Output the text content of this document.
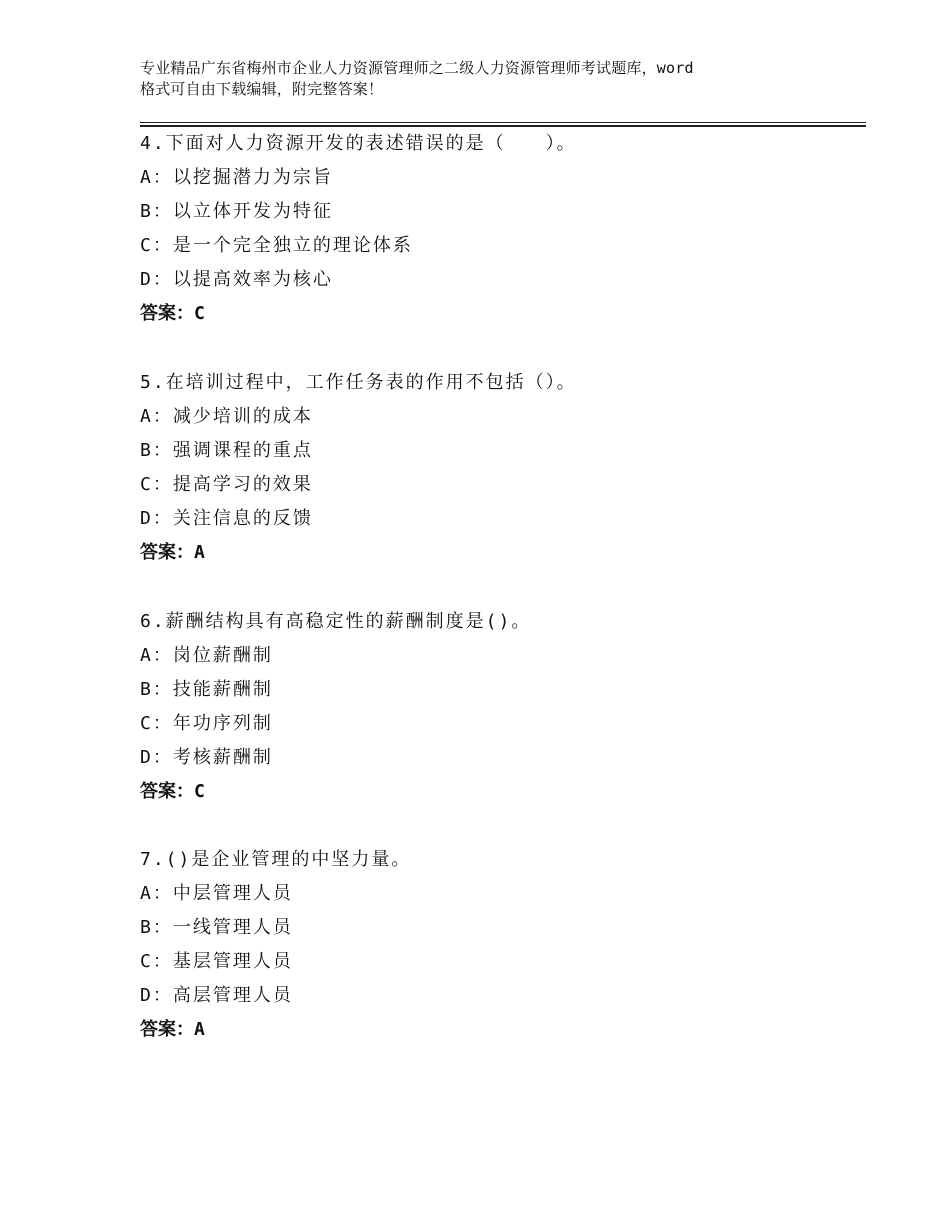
专业精品广东省梅州市企业人力资源管理师之二级人力资源管理师考试题库，word
格式可自由下载编辑，附完整答案！
4.下面对人力资源开发的表述错误的是（　　）。
A：以挖掘潜力为宗旨
B：以立体开发为特征
C：是一个完全独立的理论体系
D：以提高效率为核心
答案：C
5.在培训过程中，工作任务表的作用不包括（）。
A：减少培训的成本
B：强调课程的重点
C：提高学习的效果
D：关注信息的反馈
答案：A
6.薪酬结构具有高稳定性的薪酬制度是()。
A：岗位薪酬制
B：技能薪酬制
C：年功序列制
D：考核薪酬制
答案：C
7.()是企业管理的中坚力量。
A：中层管理人员
B：一线管理人员
C：基层管理人员
D：高层管理人员
答案：A
